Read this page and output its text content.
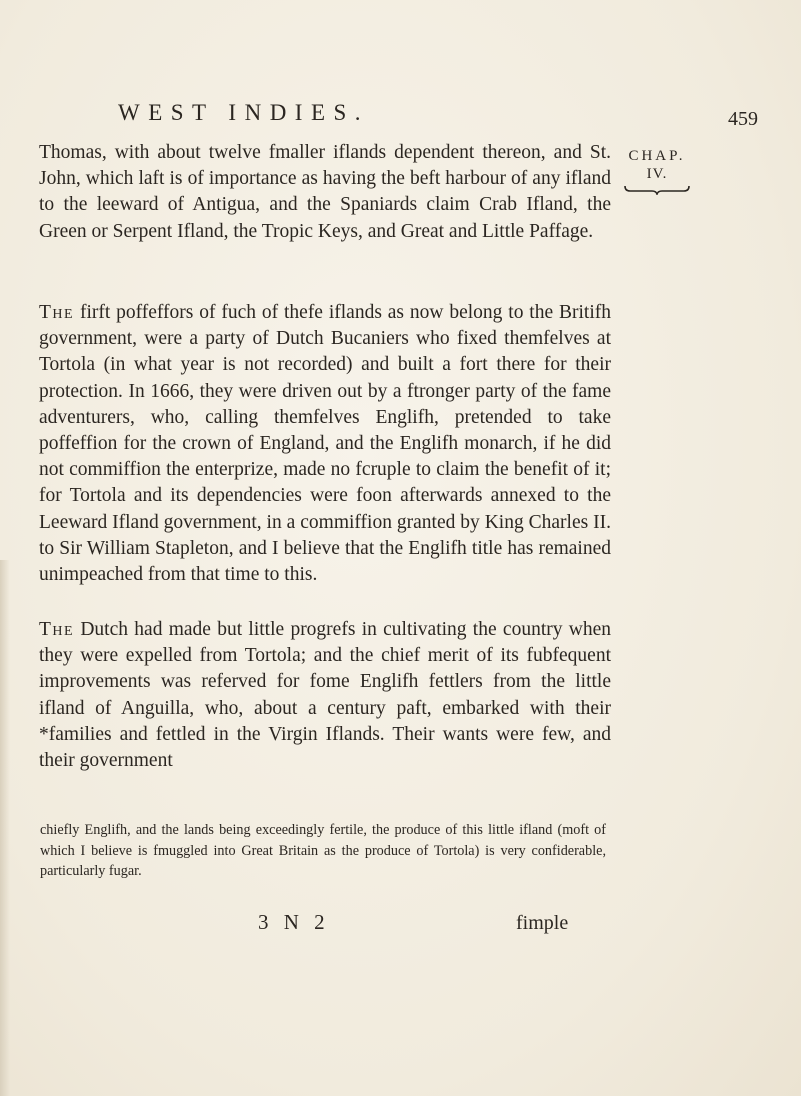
WEST INDIES.	459
CHAP.
IV.

Thomas, with about twelve fmaller iflands dependent thereon, and St. John, which laft is of importance as having the beft harbour of any ifland to the leeward of Antigua, and the Spaniards claim Crab Ifland, the Green or Serpent Ifland, the Tropic Keys, and Great and Little Paffage.

The firft poffeffors of fuch of thefe iflands as now belong to the Britifh government, were a party of Dutch Bucaniers who fixed themfelves at Tortola (in what year is not recorded) and built a fort there for their protection. In 1666, they were driven out by a ftronger party of the fame adventurers, who, calling themfelves Englifh, pretended to take poffeffion for the crown of England, and the Englifh monarch, if he did not commiffion the enterprize, made no fcruple to claim the benefit of it; for Tortola and its dependencies were foon afterwards annexed to the Leeward Ifland government, in a commiffion granted by King Charles II. to Sir William Stapleton, and I believe that the Englifh title has remained unimpeached from that time to this.

The Dutch had made but little progrefs in cultivating the country when they were expelled from Tortola; and the chief merit of its fubfequent improvements was referved for fome Englifh fettlers from the little ifland of Anguilla, who, about a century paft, embarked with their *families and fettled in the Virgin Iflands. Their wants were few, and their government

chiefly Englifh, and the lands being exceedingly fertile, the produce of this little ifland (moft of which I believe is fmuggled into Great Britain as the produce of Tortola) is very confiderable, particularly fugar.

3 N 2	fimple
